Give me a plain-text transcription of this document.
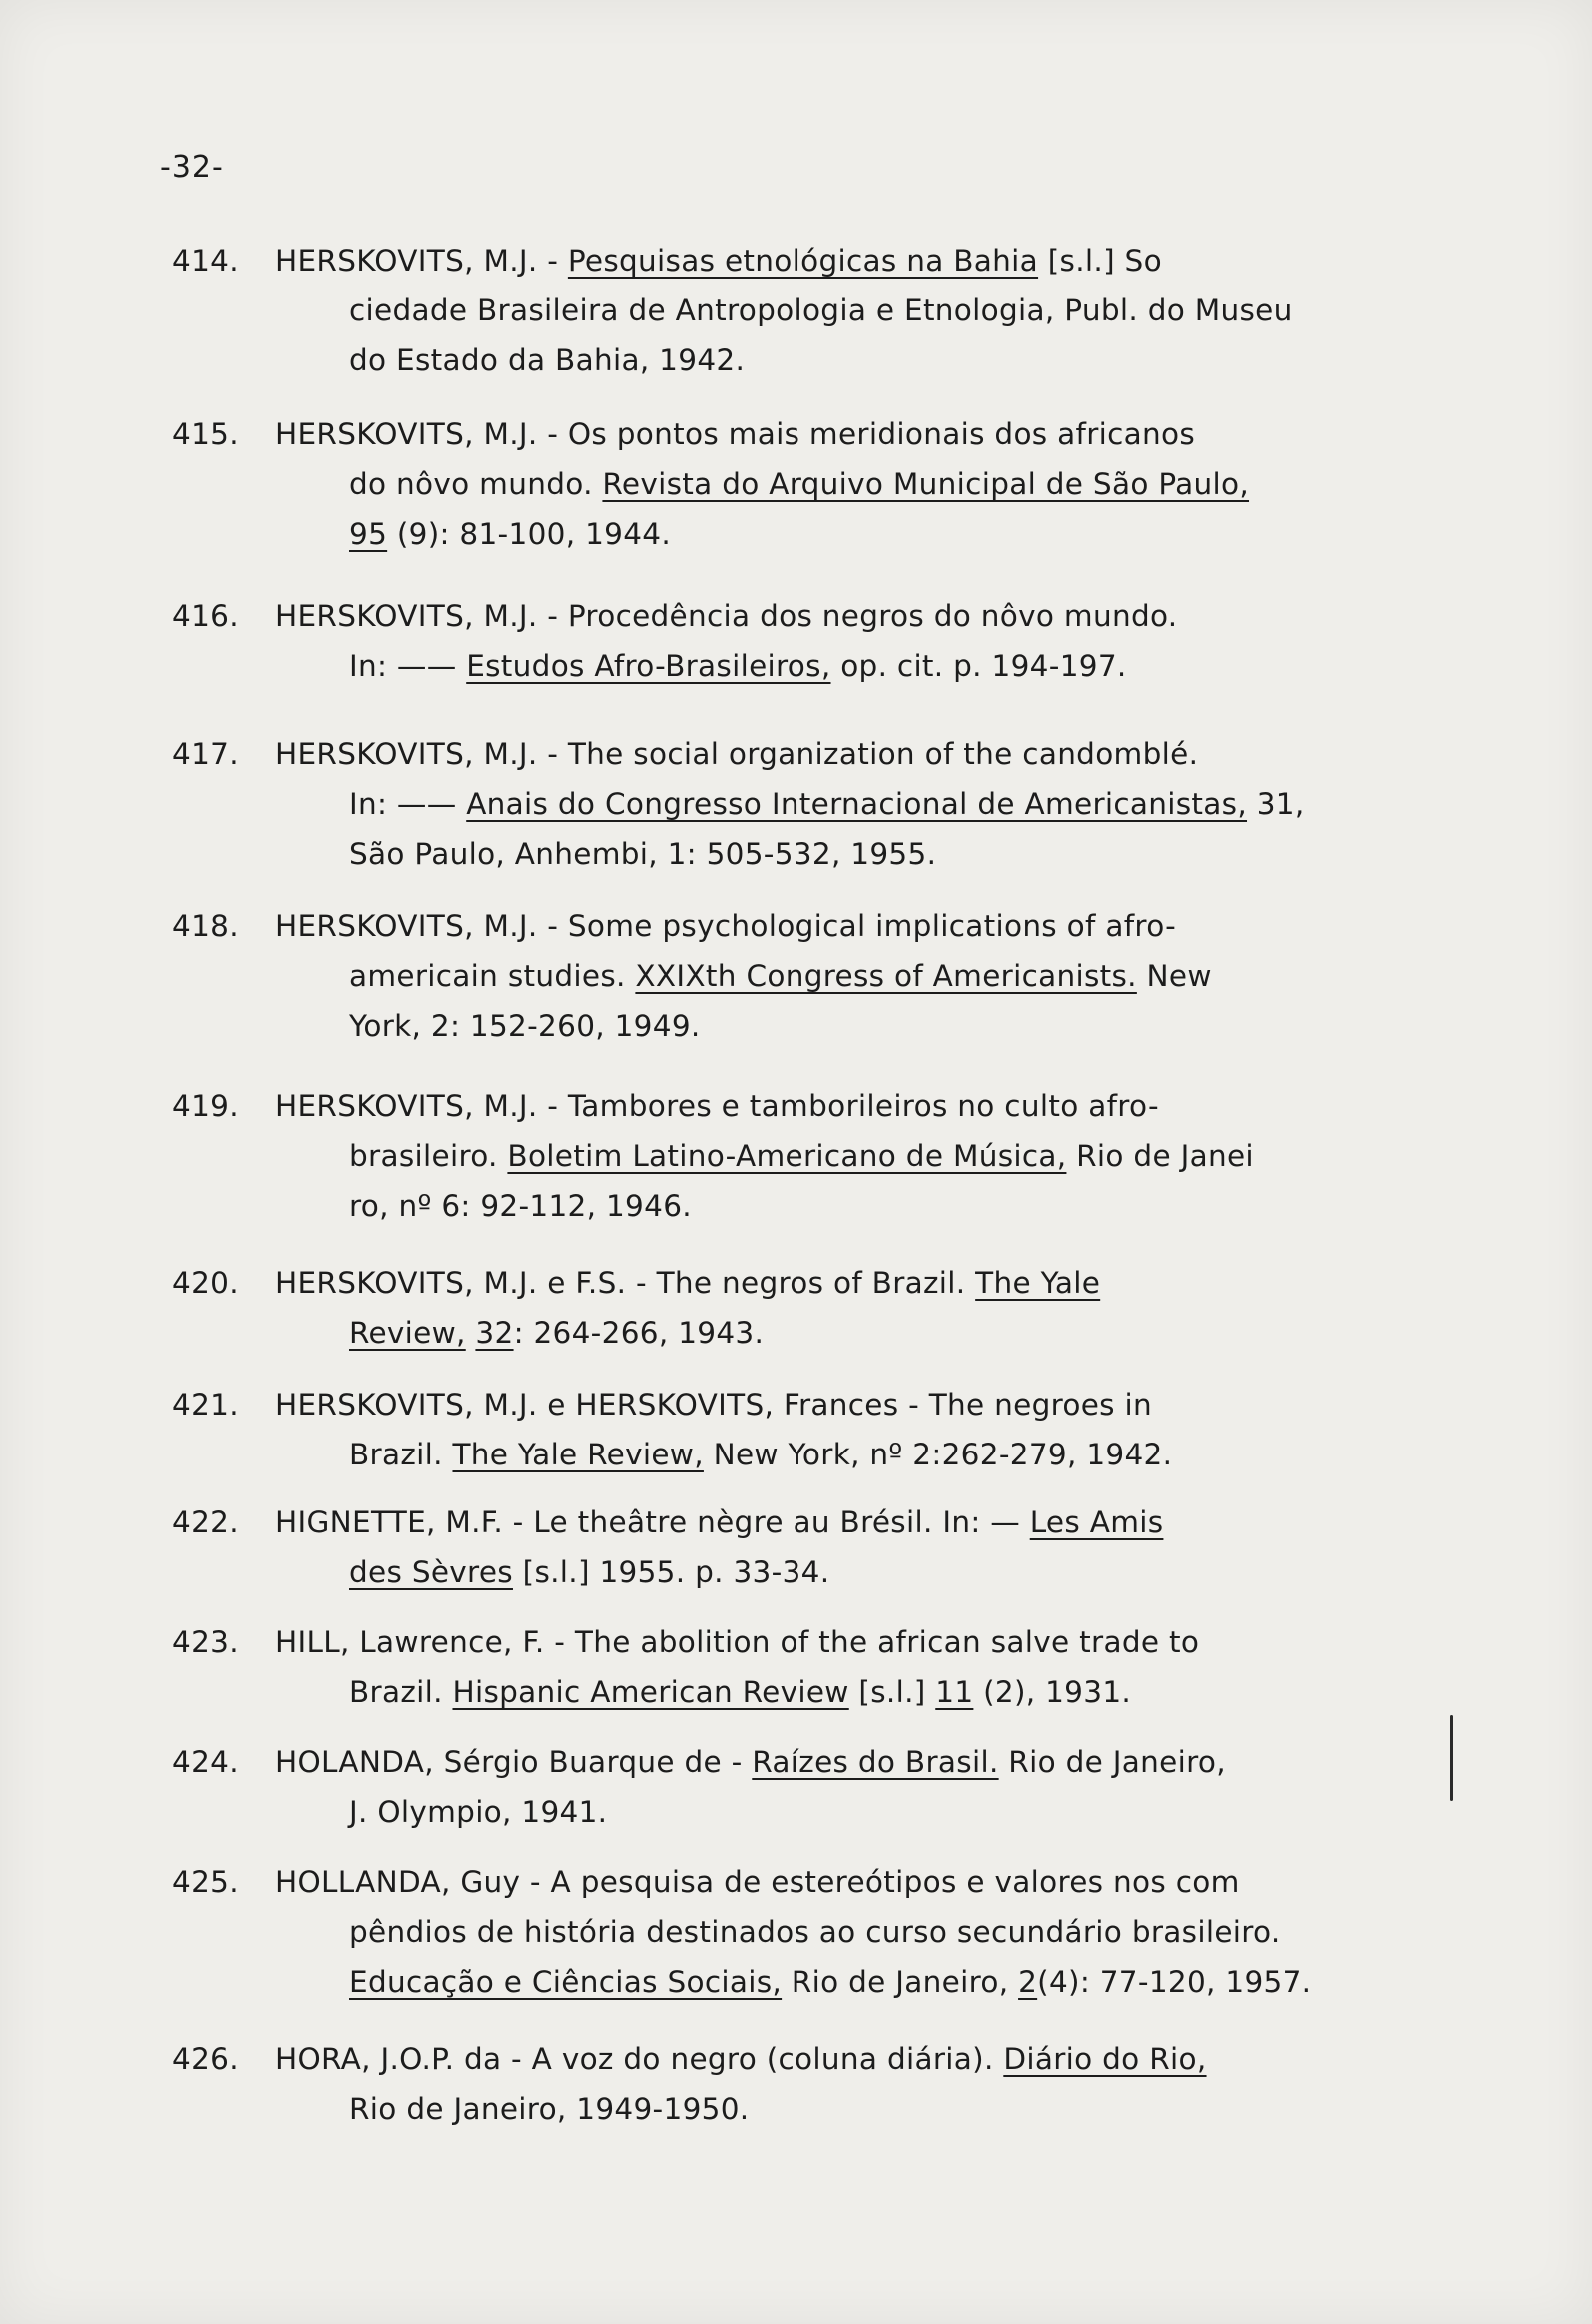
-32-
414.	HERSKOVITS, M.J. - Pesquisas etnológicas na Bahia [s.l.] So
ciedade Brasileira de Antropologia e Etnologia, Publ. do Museu
do Estado da Bahia, 1942.
415.	HERSKOVITS, M.J. - Os pontos mais meridionais dos africanos
do nôvo mundo. Revista do Arquivo Municipal de São Paulo,
95 (9): 81-100, 1944.
416.	HERSKOVITS, M.J. - Procedência dos negros do nôvo mundo.
In: —— Estudos Afro-Brasileiros, op. cit. p. 194-197.
417.	HERSKOVITS, M.J. - The social organization of the candomblé.
In: —— Anais do Congresso Internacional de Americanistas, 31,
São Paulo, Anhembi, 1: 505-532, 1955.
418.	HERSKOVITS, M.J. - Some psychological implications of afro-
americain studies. XXIXth Congress of Americanists. New
York, 2: 152-260, 1949.
419.	HERSKOVITS, M.J. - Tambores e tamborileiros no culto afro-
brasileiro. Boletim Latino-Americano de Música, Rio de Janei
ro, nº 6: 92-112, 1946.
420.	HERSKOVITS, M.J. e F.S. - The negros of Brazil. The Yale
Review, 32: 264-266, 1943.
421.	HERSKOVITS, M.J. e HERSKOVITS, Frances - The negroes in
Brazil. The Yale Review, New York, nº 2:262-279, 1942.
422.	HIGNETTE, M.F. - Le theâtre nègre au Brésil. In: — Les Amis
des Sèvres [s.l.] 1955. p. 33-34.
423.	HILL, Lawrence, F. - The abolition of the african salve trade to
Brazil. Hispanic American Review [s.l.] 11 (2), 1931.
424.	HOLANDA, Sérgio Buarque de - Raízes do Brasil. Rio de Janeiro,
J. Olympio, 1941.
425.	HOLLANDA, Guy - A pesquisa de estereótipos e valores nos com
pêndios de história destinados ao curso secundário brasileiro.
Educação e Ciências Sociais, Rio de Janeiro, 2(4): 77-120, 1957.
426.	HORA, J.O.P. da - A voz do negro (coluna diária). Diário do Rio,
Rio de Janeiro, 1949-1950.
